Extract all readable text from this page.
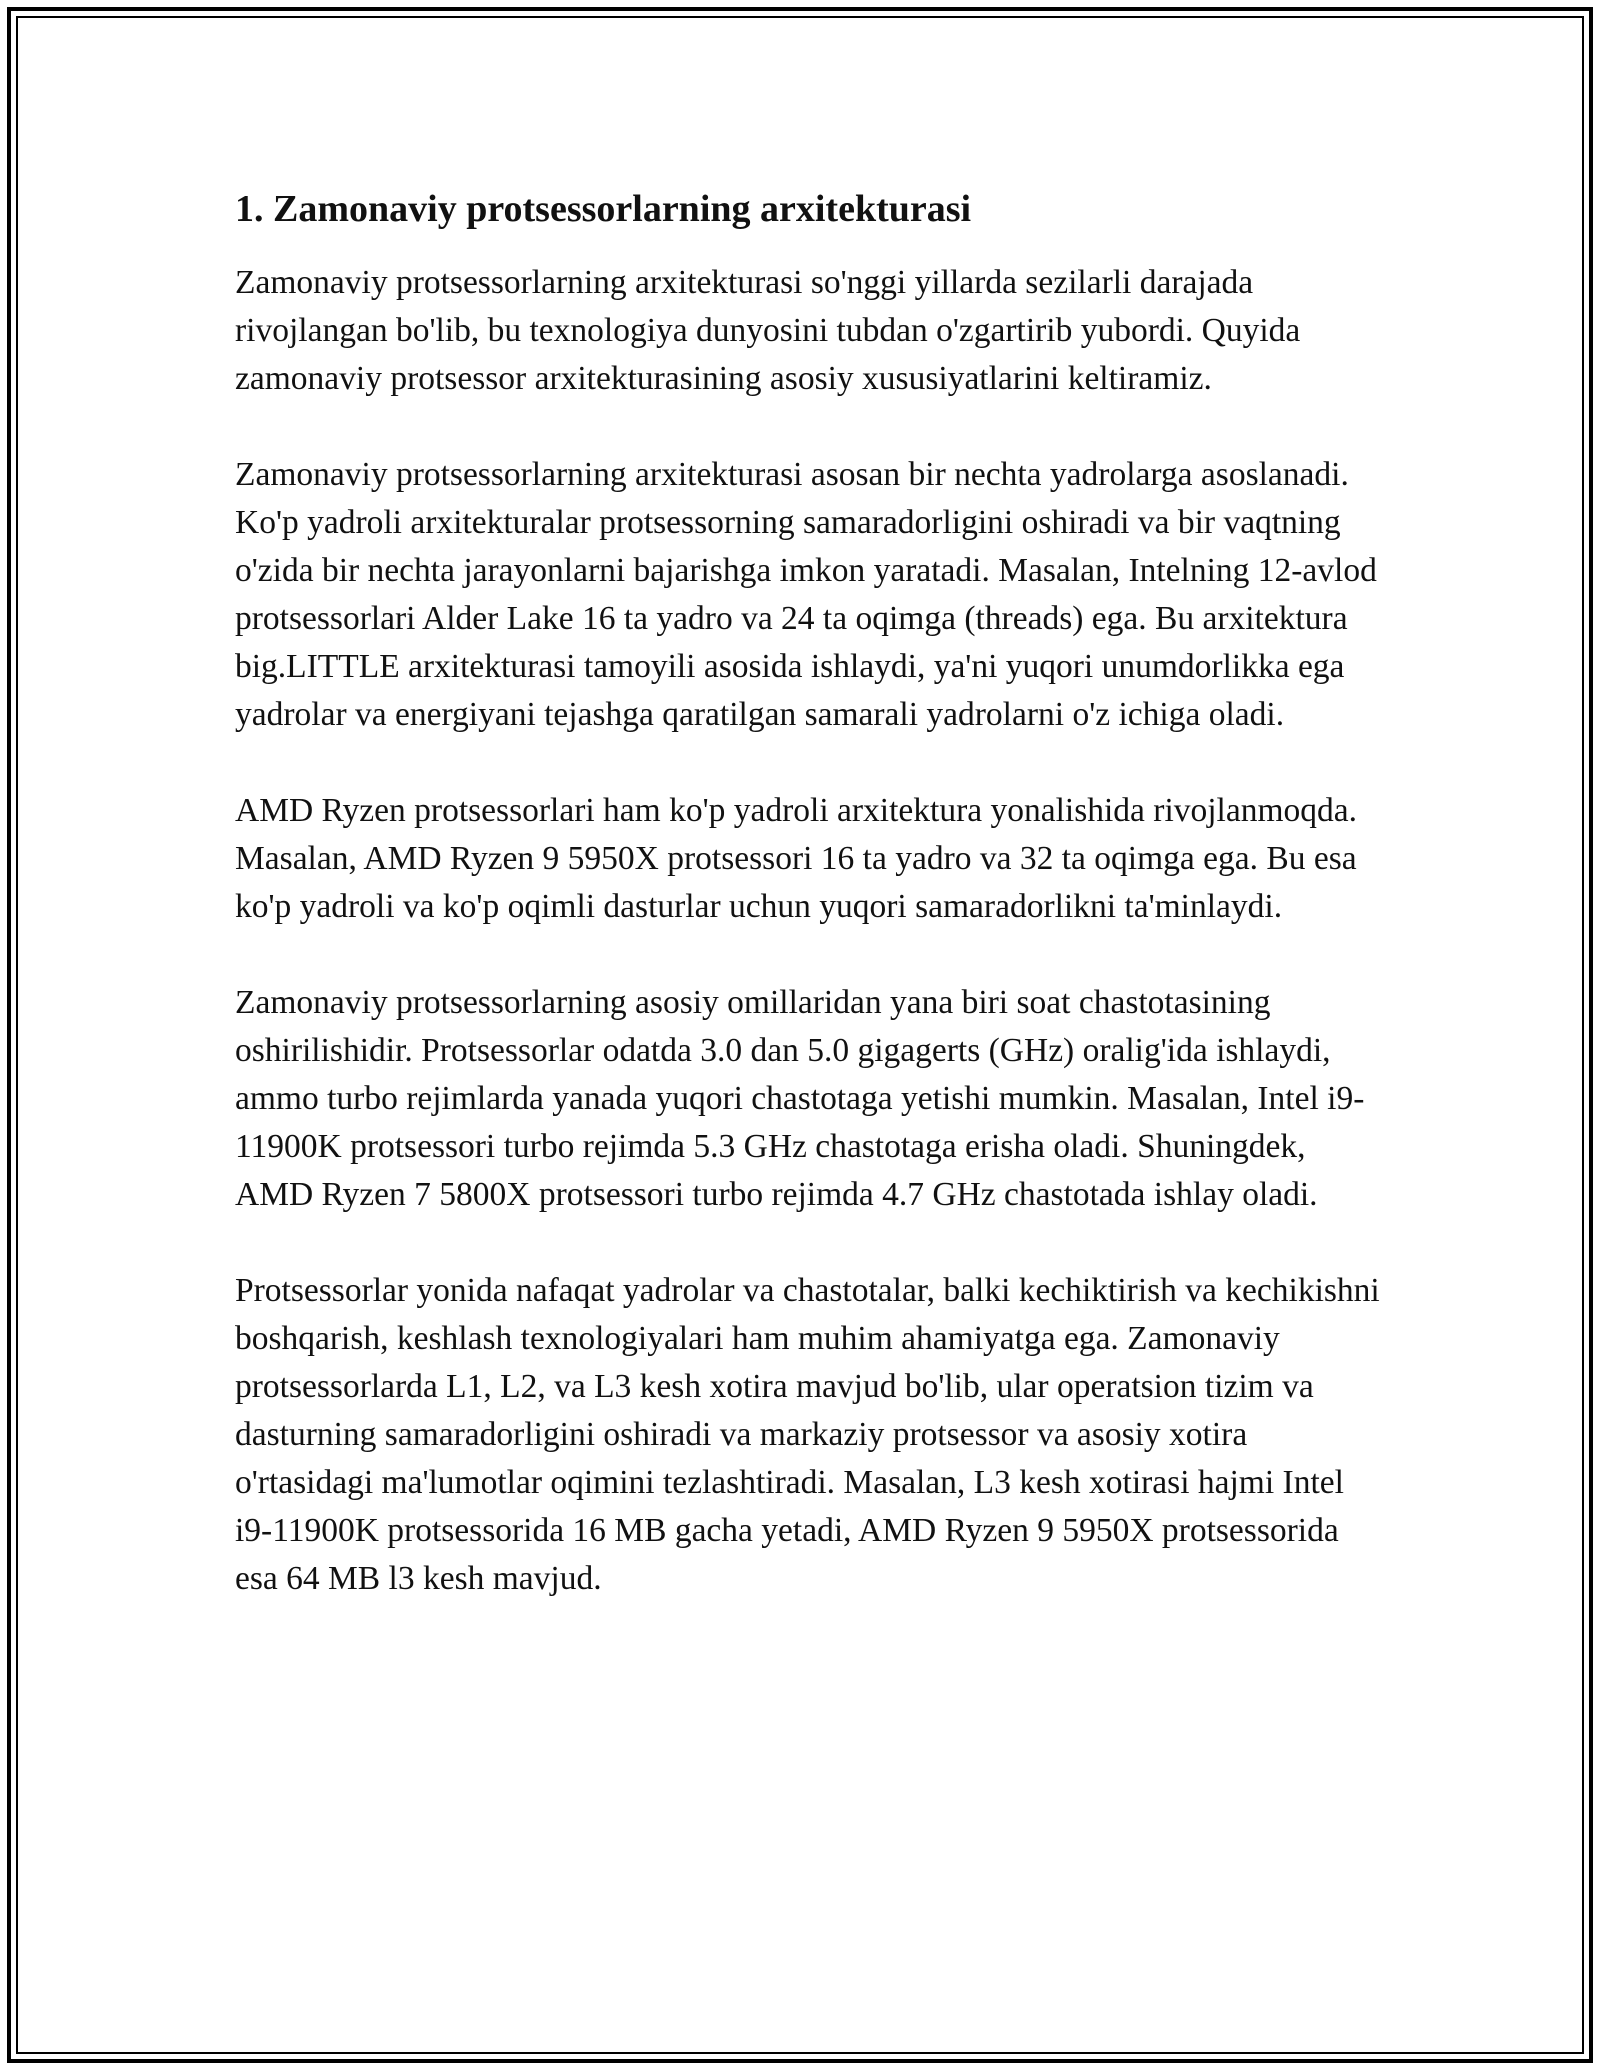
1. Zamonaviy protsessorlarning arxitekturasi

Zamonaviy protsessorlarning arxitekturasi so'nggi yillarda sezilarli darajada rivojlangan bo'lib, bu texnologiya dunyosini tubdan o'zgartirib yubordi. Quyida zamonaviy protsessor arxitekturasining asosiy xususiyatlarini keltiramiz.

Zamonaviy protsessorlarning arxitekturasi asosan bir nechta yadrolarga asoslanadi. Ko'p yadroli arxitekturalar protsessorning samaradorligini oshiradi va bir vaqtning o'zida bir nechta jarayonlarni bajarishga imkon yaratadi. Masalan, Intelning 12-avlod protsessorlari Alder Lake 16 ta yadro va 24 ta oqimga (threads) ega. Bu arxitektura big.LITTLE arxitekturasi tamoyili asosida ishlaydi, ya'ni yuqori unumdorlikka ega yadrolar va energiyani tejashga qaratilgan samarali yadrolarni o'z ichiga oladi.

AMD Ryzen protsessorlari ham ko'p yadroli arxitektura yonalishida rivojlanmoqda. Masalan, AMD Ryzen 9 5950X protsessori 16 ta yadro va 32 ta oqimga ega. Bu esa ko'p yadroli va ko'p oqimli dasturlar uchun yuqori samaradorlikni ta'minlaydi.

Zamonaviy protsessorlarning asosiy omillaridan yana biri soat chastotasining oshirilishidir. Protsessorlar odatda 3.0 dan 5.0 gigagerts (GHz) oralig'ida ishlaydi, ammo turbo rejimlarda yanada yuqori chastotaga yetishi mumkin. Masalan, Intel i9-11900K protsessori turbo rejimda 5.3 GHz chastotaga erisha oladi. Shuningdek, AMD Ryzen 7 5800X protsessori turbo rejimda 4.7 GHz chastotada ishlay oladi.

Protsessorlar yonida nafaqat yadrolar va chastotalar, balki kechiktirish va kechikishni boshqarish, keshlash texnologiyalari ham muhim ahamiyatga ega. Zamonaviy protsessorlarda L1, L2, va L3 kesh xotira mavjud bo'lib, ular operatsion tizim va dasturning samaradorligini oshiradi va markaziy protsessor va asosiy xotira o'rtasidagi ma'lumotlar oqimini tezlashtiradi. Masalan, L3 kesh xotirasi hajmi Intel i9-11900K protsessorida 16 MB gacha yetadi, AMD Ryzen 9 5950X protsessorida esa 64 MB l3 kesh mavjud.
